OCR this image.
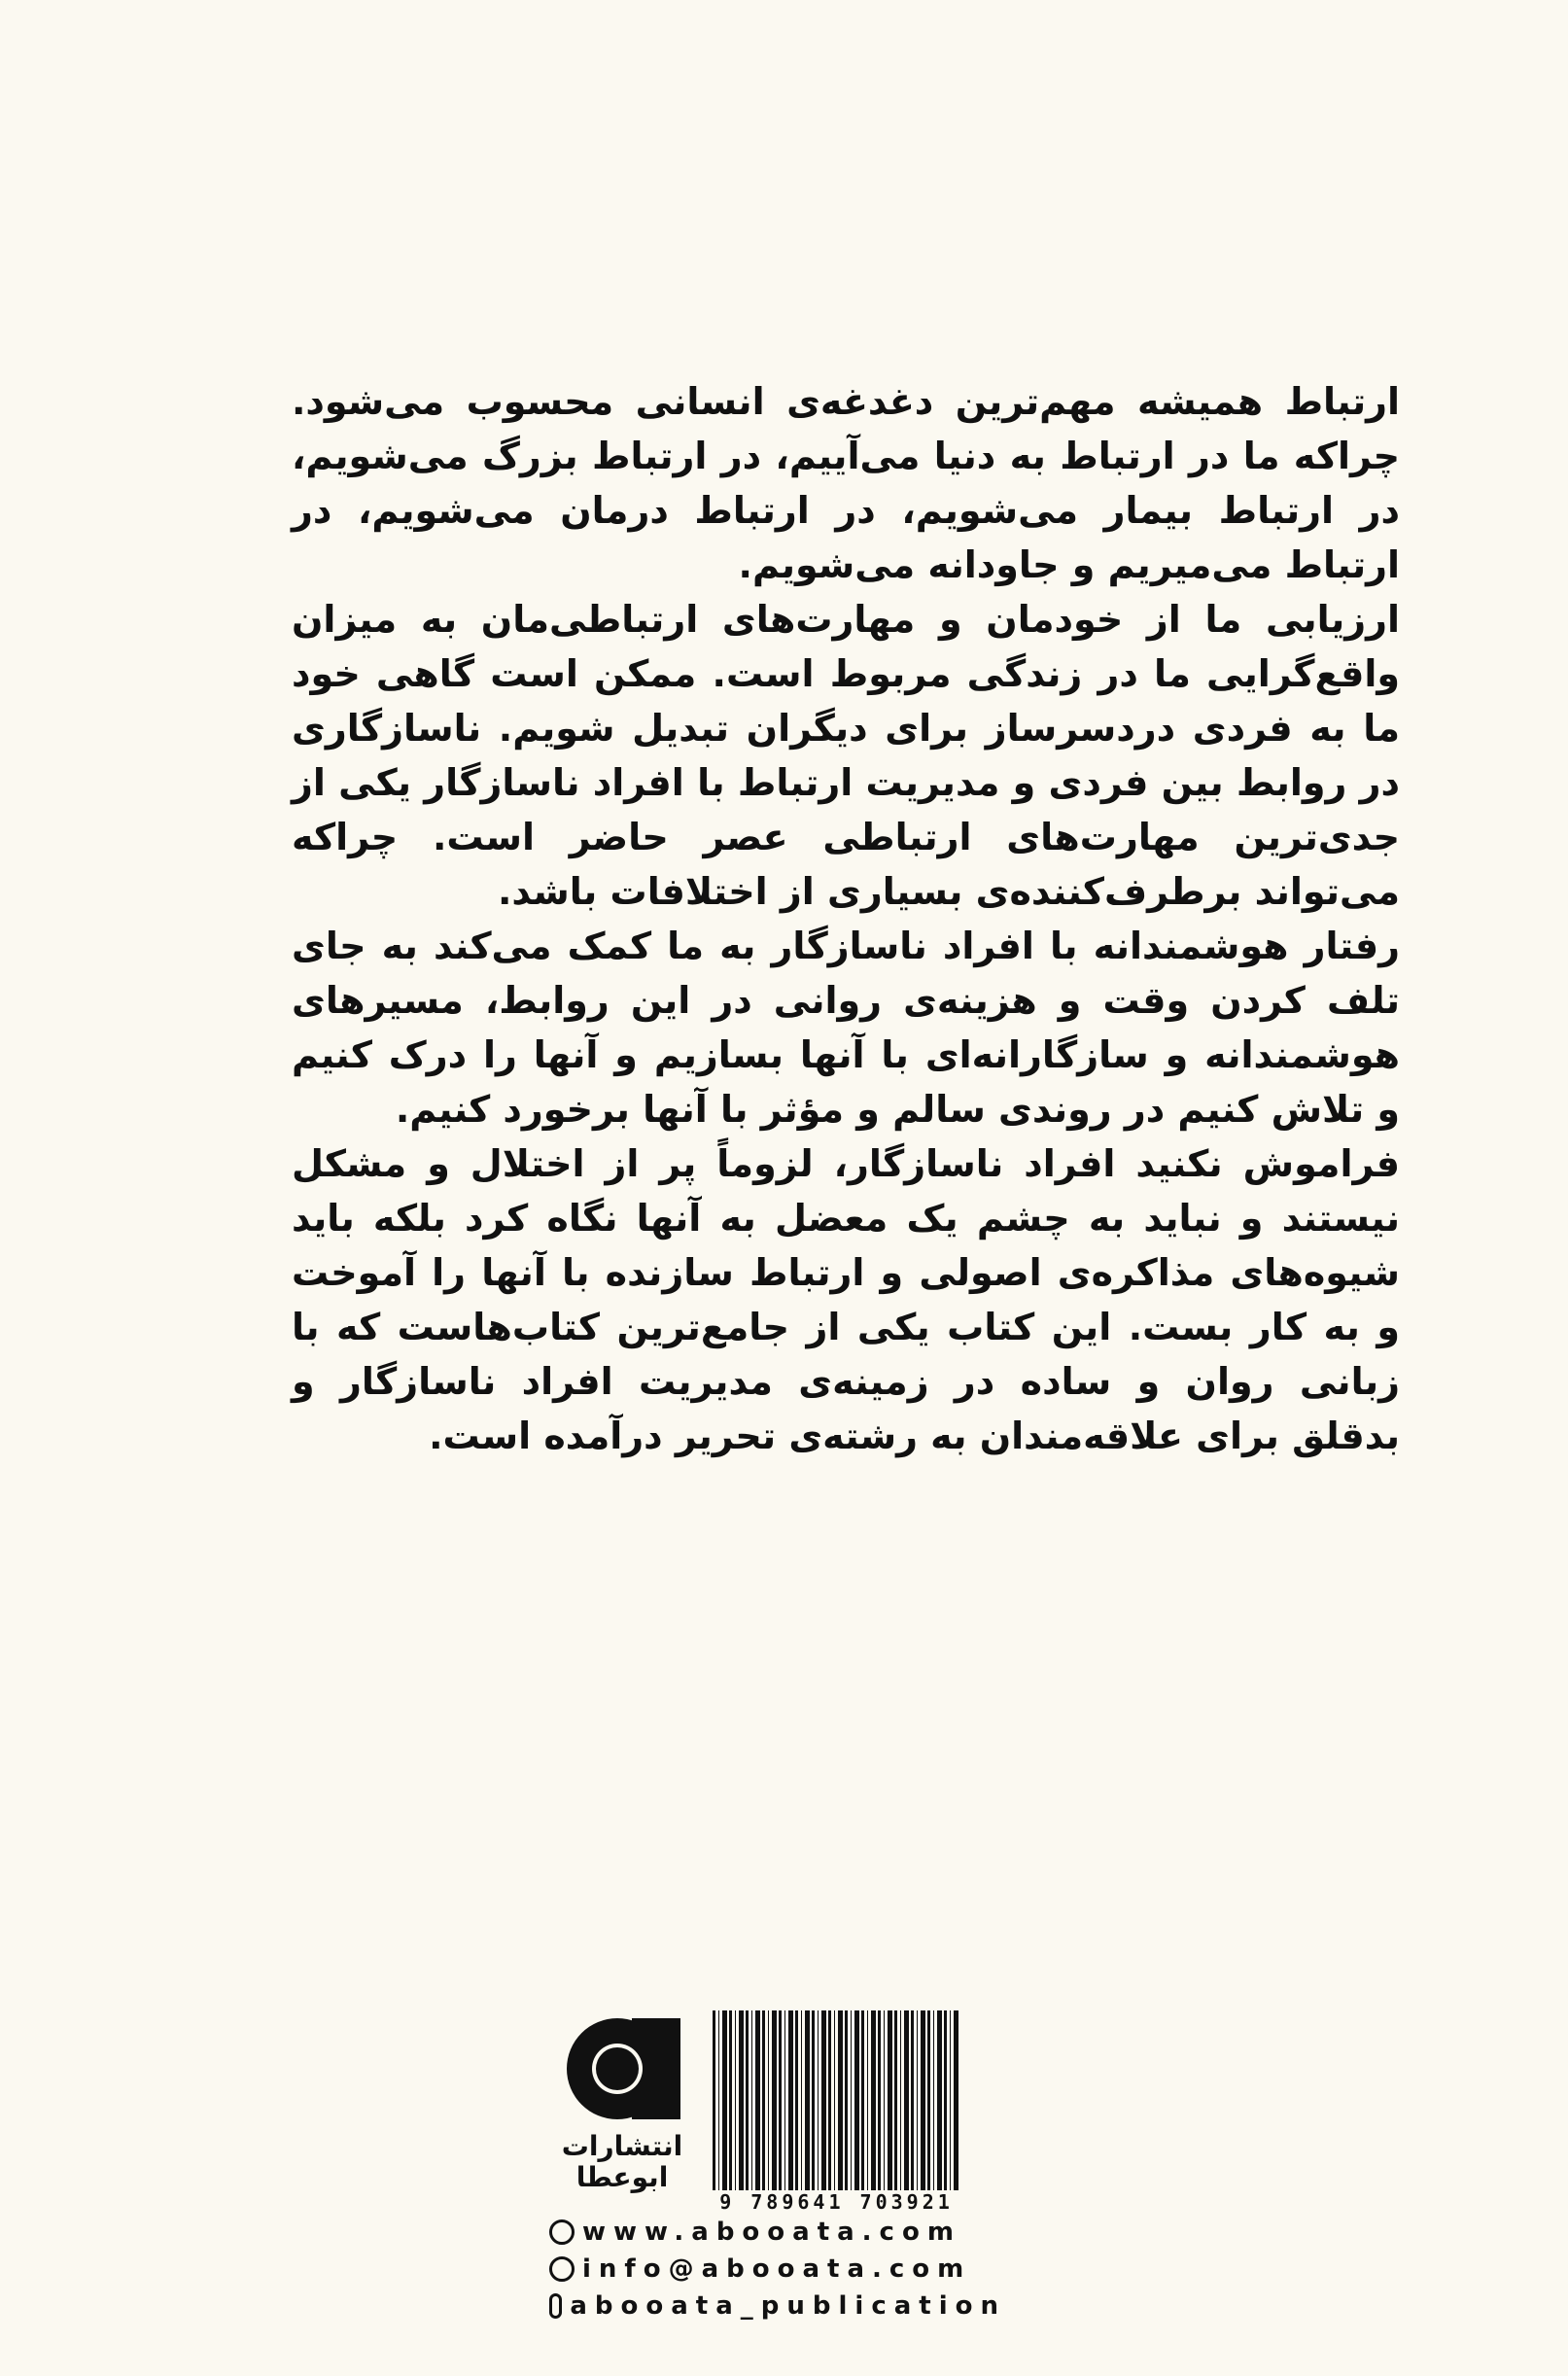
ارتباط همیشه مهم‌ترین دغدغه‌ی انسانی محسوب می‌شود. چراکه ما در ارتباط به دنیا می‌آییم، در ارتباط بزرگ می‌شویم، در ارتباط بیمار می‌شویم، در ارتباط درمان می‌شویم، در ارتباط می‌میریم و جاودانه می‌شویم.

ارزیابی ما از خودمان و مهارت‌های ارتباطی‌مان به میزان واقع‌گرایی ما در زندگی مربوط است. ممکن است گاهی خود ما به فردی دردسرساز برای دیگران تبدیل شویم. ناسازگاری در روابط بین فردی و مدیریت ارتباط با افراد ناسازگار یکی از جدی‌ترین مهارت‌های ارتباطی عصر حاضر است. چراکه می‌تواند برطرف‌کننده‌ی بسیاری از اختلافات باشد.

رفتار هوشمندانه با افراد ناسازگار به ما کمک می‌کند به جای تلف کردن وقت و هزینه‌ی روانی در این روابط، مسیرهای هوشمندانه و سازگارانه‌ای با آنها بسازیم و آنها را درک کنیم و تلاش کنیم در روندی سالم و مؤثر با آنها برخورد کنیم.

فراموش نکنید افراد ناسازگار، لزوماً پر از اختلال و مشکل نیستند و نباید به چشم یک معضل به آنها نگاه کرد بلکه باید شیوه‌های مذاکره‌ی اصولی و ارتباط سازنده با آنها را آموخت و به کار بست. این کتاب یکی از جامع‌ترین کتاب‌هاست که با زبانی روان و ساده در زمینه‌ی مدیریت افراد ناسازگار و بدقلق برای علاقه‌مندان به رشته‌ی تحریر درآمده است.

انتشارات
ابوعطا
9 789641 703921
www.abooata.com
info@abooata.com
abooata_publication
